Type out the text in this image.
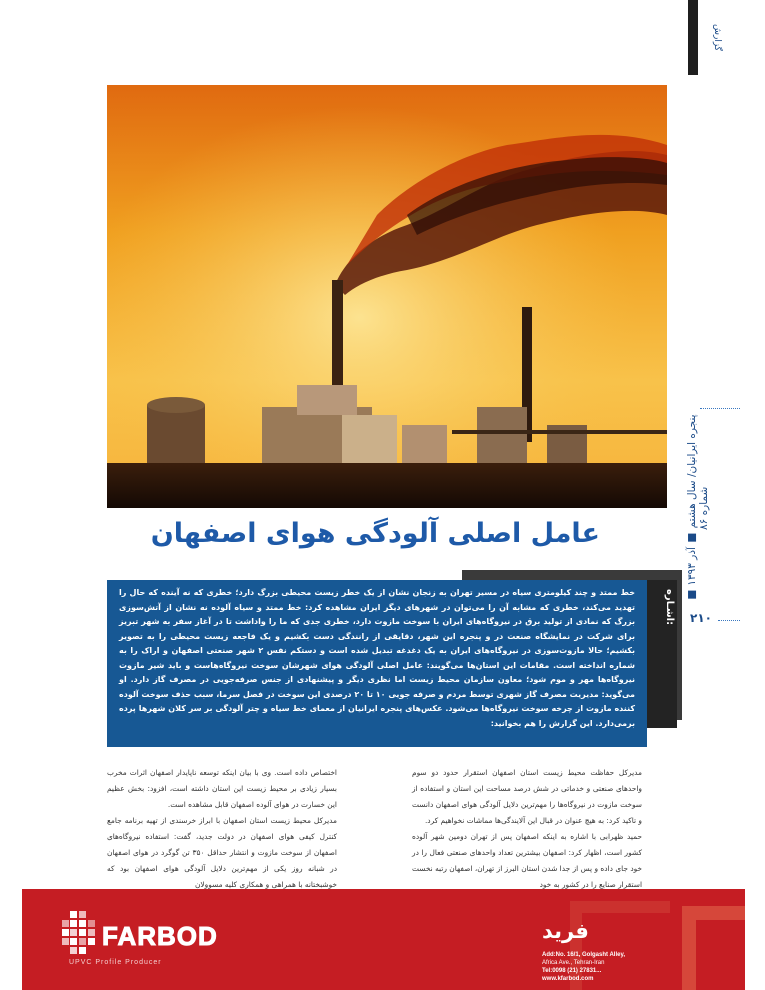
گزارش
پنجره ایرانیان/ سال هشتم ■ آذر ۱۳۹۳ ■ شماره ۸۶
۲۱۰
عامل اصلی آلودگی هوای اصفهان
خط ممتد و چند کیلومتری سیاه در مسیر تهران به زنجان نشان از یک خطر زیست محیطی بزرگ دارد؛ خطری که نه آینده که حال را تهدید می‌کند، خطری که مشابه آن را می‌توان در شهرهای دیگر ایران مشاهده کرد: خط ممتد و سیاه آلوده نه نشان از آتش‌سوزی بزرگ که نمادی از تولید برق در نیروگاه‌های ایران با سوخت مازوت دارد، خطری جدی که ما را واداشت تا در آغاز سفر به شهر تبریز برای شرکت در نمایشگاه صنعت در و پنجره این شهر، دقایقی از رانندگی دست بکشیم و یک فاجعه زیست محیطی را به تصویر بکشیم؛ حالا مازوت‌سوزی در نیروگاه‌های ایران به یک دغدغه تبدیل شده است و دستکم نفس ۲ شهر صنعتی اصفهان و اراک را به شماره انداخته است. مقامات این استان‌ها می‌گویند: عامل اصلی آلودگی هوای شهرشان سوخت نیروگاه‌هاست و باید شیر مازوت نیروگاه‌ها مهر و موم شود؛ معاون سازمان محیط زیست اما نظری دیگر و پیشنهادی از جنس صرفه‌جویی در مصرف گاز دارد. او می‌گوید: مدیریت مصرف گاز شهری توسط مردم و صرفه جویی ۱۰ تا ۲۰ درصدی این سوخت در فصل سرما، سبب حذف سوخت آلوده کننده مازوت از چرخه سوخت نیروگاه‌ها می‌شود. عکس‌های پنجره ایرانیان از معمای خط سیاه و چتر آلودگی بر سر کلان شهرها پرده برمی‌دارد. این گزارش را هم بخوانید:
اشـاره:

مدیرکل حفاظت محیط زیست استان اصفهان استقرار حدود دو سوم واحدهای صنعتی و خدماتی در شش درصد مساحت این استان و استفاده از سوخت مازوت در نیروگاه‌ها را مهم‌ترین دلایل آلودگی هوای اصفهان دانست و تاکید کرد: به هیچ عنوان در قبال این آلایندگی‌ها مماشات نخواهیم کرد.

حمید ظهرابی با اشاره به اینکه اصفهان پس از تهران دومین شهر آلوده کشور است، اظهار کرد: اصفهان بیشترین تعداد واحدهای صنعتی فعال را در خود جای داده و پس از جدا شدن استان البرز از تهران، اصفهان رتبه نخست استقرار صنایع را در کشور به خود

اختصاص داده است. وی با بیان اینکه توسعه ناپایدار اصفهان اثرات مخرب بسیار زیادی بر محیط زیست این استان داشته است، افزود: بخش عظیم این خسارت در هوای آلوده اصفهان قابل مشاهده است.

مدیرکل محیط زیست استان اصفهان با ابراز خرسندی از تهیه برنامه جامع کنترل کیفی هوای اصفهان در دولت جدید، گفت: استفاده نیروگاه‌های اصفهان از سوخت مازوت و انتشار حداقل ۳۵۰ تن گوگرد در هوای اصفهان در شبانه روز یکی از مهم‌ترین دلایل آلودگی هوای اصفهان بود که خوشبختانه با همراهی و همکاری کلیه مسوولان

FARBOD
UPVC Profile Producer
فرید
Add:No. 16/1, Golgasht Alley,
Africa Ave., Tehran-Iran
Tel:0098 (21) 27831...
www.kfarbod.com
